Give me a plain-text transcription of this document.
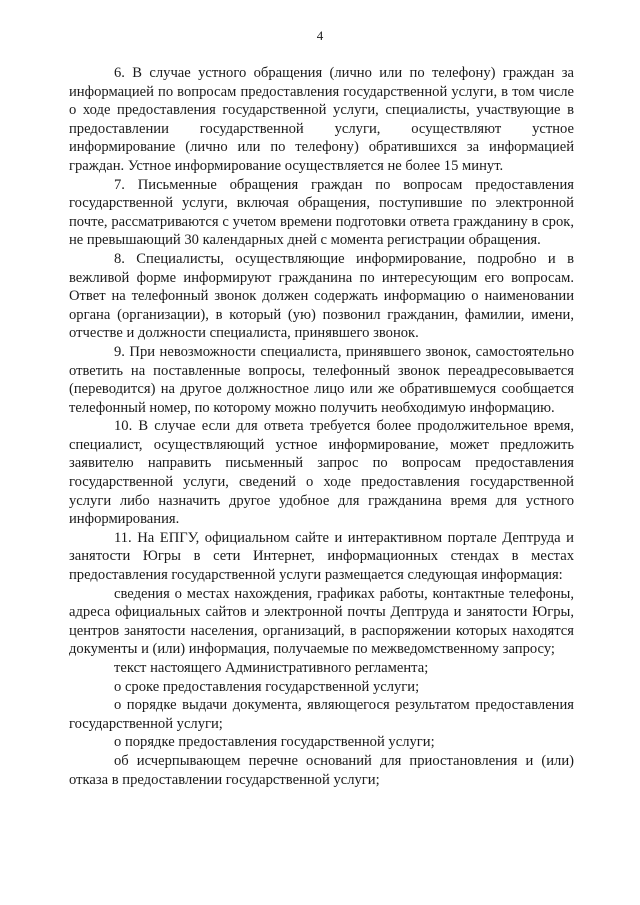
4

6. В случае устного обращения (лично или по телефону) граждан за информацией по вопросам предоставления государственной услуги, в том числе о ходе предоставления государственной услуги, специалисты, участвующие в предоставлении государственной услуги, осуществляют устное информирование (лично или по телефону) обратившихся за информацией граждан. Устное информирование осуществляется не более 15 минут.

7. Письменные обращения граждан по вопросам предоставления государственной услуги, включая обращения, поступившие по электронной почте, рассматриваются с учетом времени подготовки ответа гражданину в срок, не превышающий 30 календарных дней с момента регистрации обращения.

8. Специалисты, осуществляющие информирование, подробно и в вежливой форме информируют гражданина по интересующим его вопросам. Ответ на телефонный звонок должен содержать информацию о наименовании органа (организации), в который (ую) позвонил гражданин, фамилии, имени, отчестве и должности специалиста, принявшего звонок.

9. При невозможности специалиста, принявшего звонок, самостоятельно ответить на поставленные вопросы, телефонный звонок переадресовывается (переводится) на другое должностное лицо или же обратившемуся сообщается телефонный номер, по которому можно получить необходимую информацию.

10. В случае если для ответа требуется более продолжительное время, специалист, осуществляющий устное информирование, может предложить заявителю направить письменный запрос по вопросам предоставления государственной услуги, сведений о ходе предоставления государственной услуги либо назначить другое удобное для гражданина время для устного информирования.

11. На ЕПГУ, официальном сайте и интерактивном портале Дептруда и занятости Югры в сети Интернет, информационных стендах в местах предоставления государственной услуги размещается следующая информация:

сведения о местах нахождения, графиках работы, контактные телефоны, адреса официальных сайтов и электронной почты Дептруда и занятости Югры, центров занятости населения, организаций, в распоряжении которых находятся документы и (или) информация, получаемые по межведомственному запросу;

текст настоящего Административного регламента;

о сроке предоставления государственной услуги;

о порядке выдачи документа, являющегося результатом предоставления государственной услуги;

о порядке предоставления государственной услуги;

об исчерпывающем перечне оснований для приостановления и (или) отказа в предоставлении государственной услуги;
